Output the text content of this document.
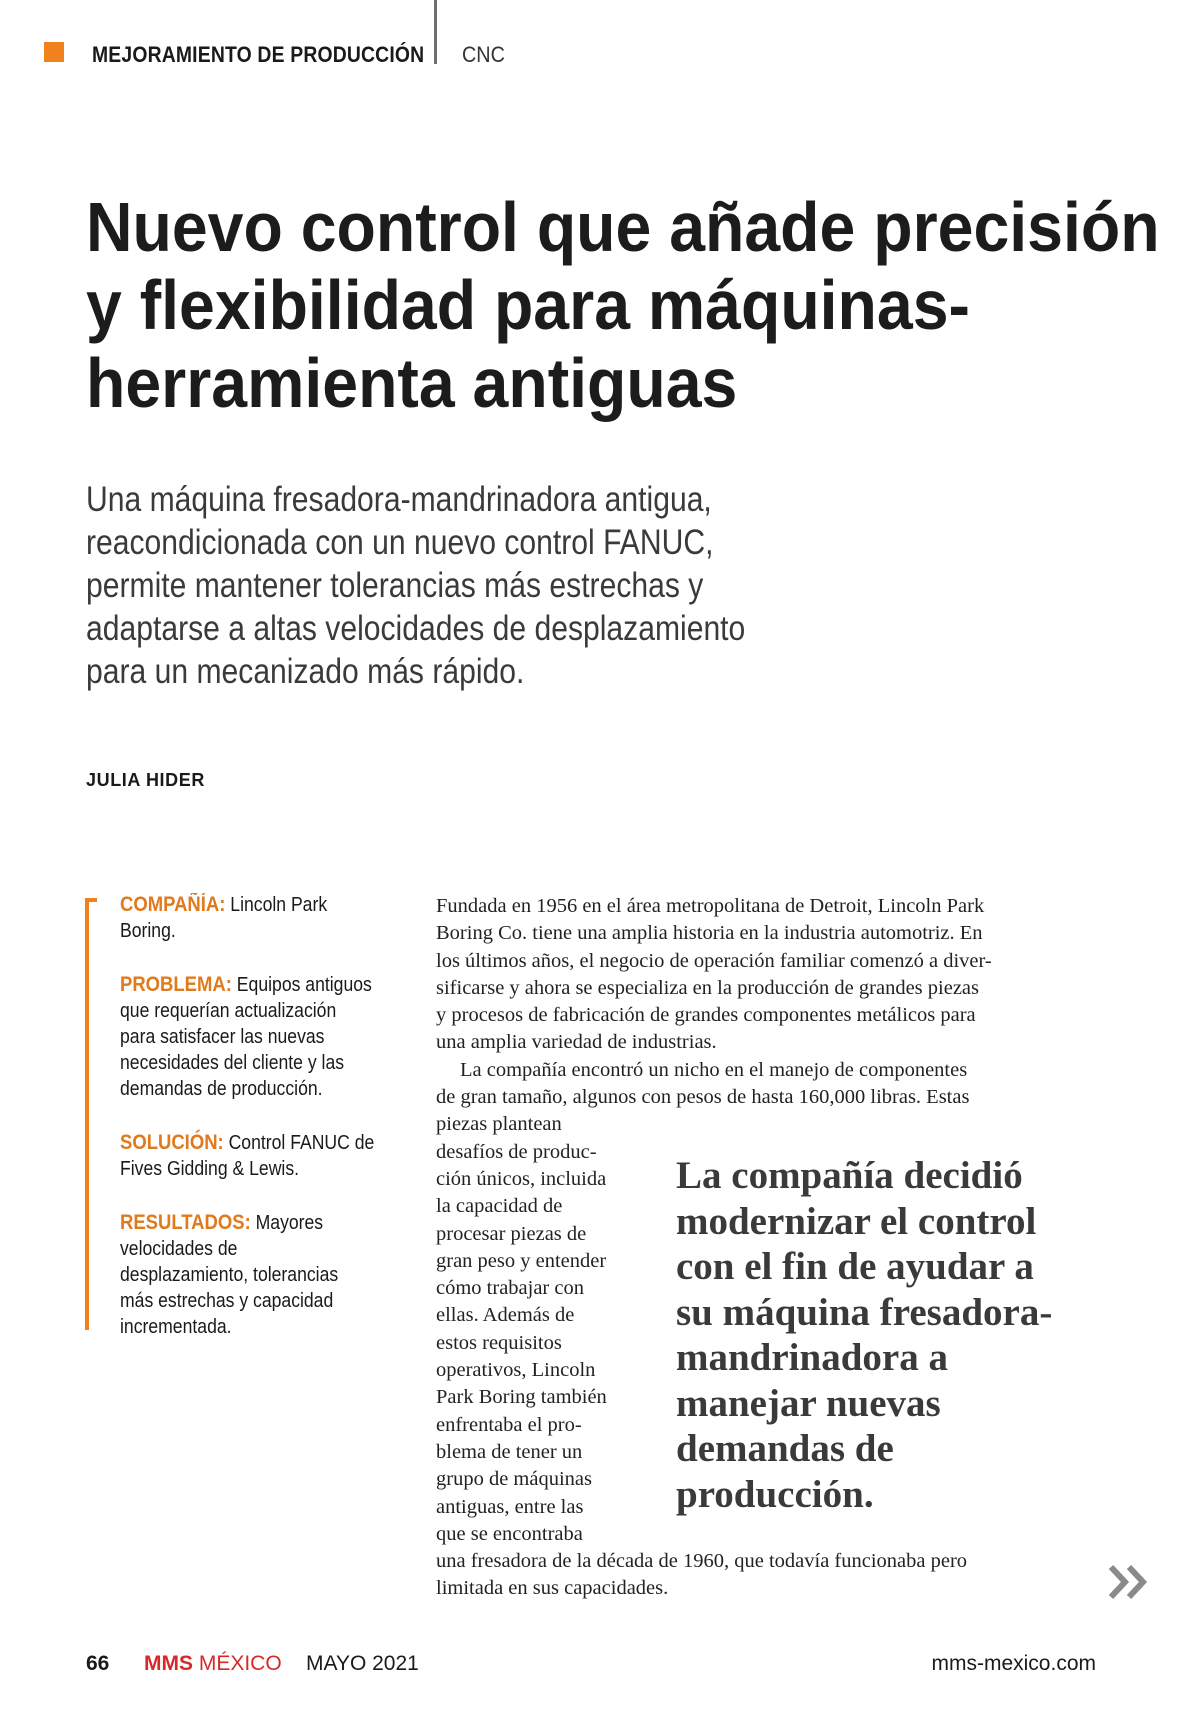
MEJORAMIENTO DE PRODUCCIÓN CNC
Nuevo control que añade precisión
y flexibilidad para máquinas-
herramienta antiguas

Una máquina fresadora-mandrinadora antigua,
reacondicionada con un nuevo control FANUC,
permite mantener tolerancias más estrechas y
adaptarse a altas velocidades de desplazamiento
para un mecanizado más rápido.

JULIA HIDER
COMPAÑÍA: Lincoln Park
Boring.
PROBLEMA: Equipos antiguos
que requerían actualización
para satisfacer las nuevas
necesidades del cliente y las
demandas de producción.
SOLUCIÓN: Control FANUC de
Fives Gidding & Lewis.
RESULTADOS: Mayores
velocidades de
desplazamiento, tolerancias
más estrechas y capacidad
incrementada.
Fundada en 1956 en el área metropolitana de Detroit, Lincoln Park
Boring Co. tiene una amplia historia en la industria automotriz. En
los últimos años, el negocio de operación familiar comenzó a diver-
sificarse y ahora se especializa en la producción de grandes piezas
y procesos de fabricación de grandes componentes metálicos para
una amplia variedad de industrias.
La compañía encontró un nicho en el manejo de componentes
de gran tamaño, algunos con pesos de hasta 160,000 libras. Estas
piezas plantean
desafíos de produc-
ción únicos, incluida
la capacidad de
procesar piezas de
gran peso y entender
cómo trabajar con
ellas. Además de
estos requisitos
operativos, Lincoln
Park Boring también
enfrentaba el pro-
blema de tener un
grupo de máquinas
antiguas, entre las
que se encontraba
una fresadora de la década de 1960, que todavía funcionaba pero
limitada en sus capacidades.
La compañía decidió
modernizar el control
con el fin de ayudar a
su máquina fresadora-
mandrinadora a
manejar nuevas
demandas de
producción.
66 MMS MÉXICO MAYO 2021	mms-mexico.com
